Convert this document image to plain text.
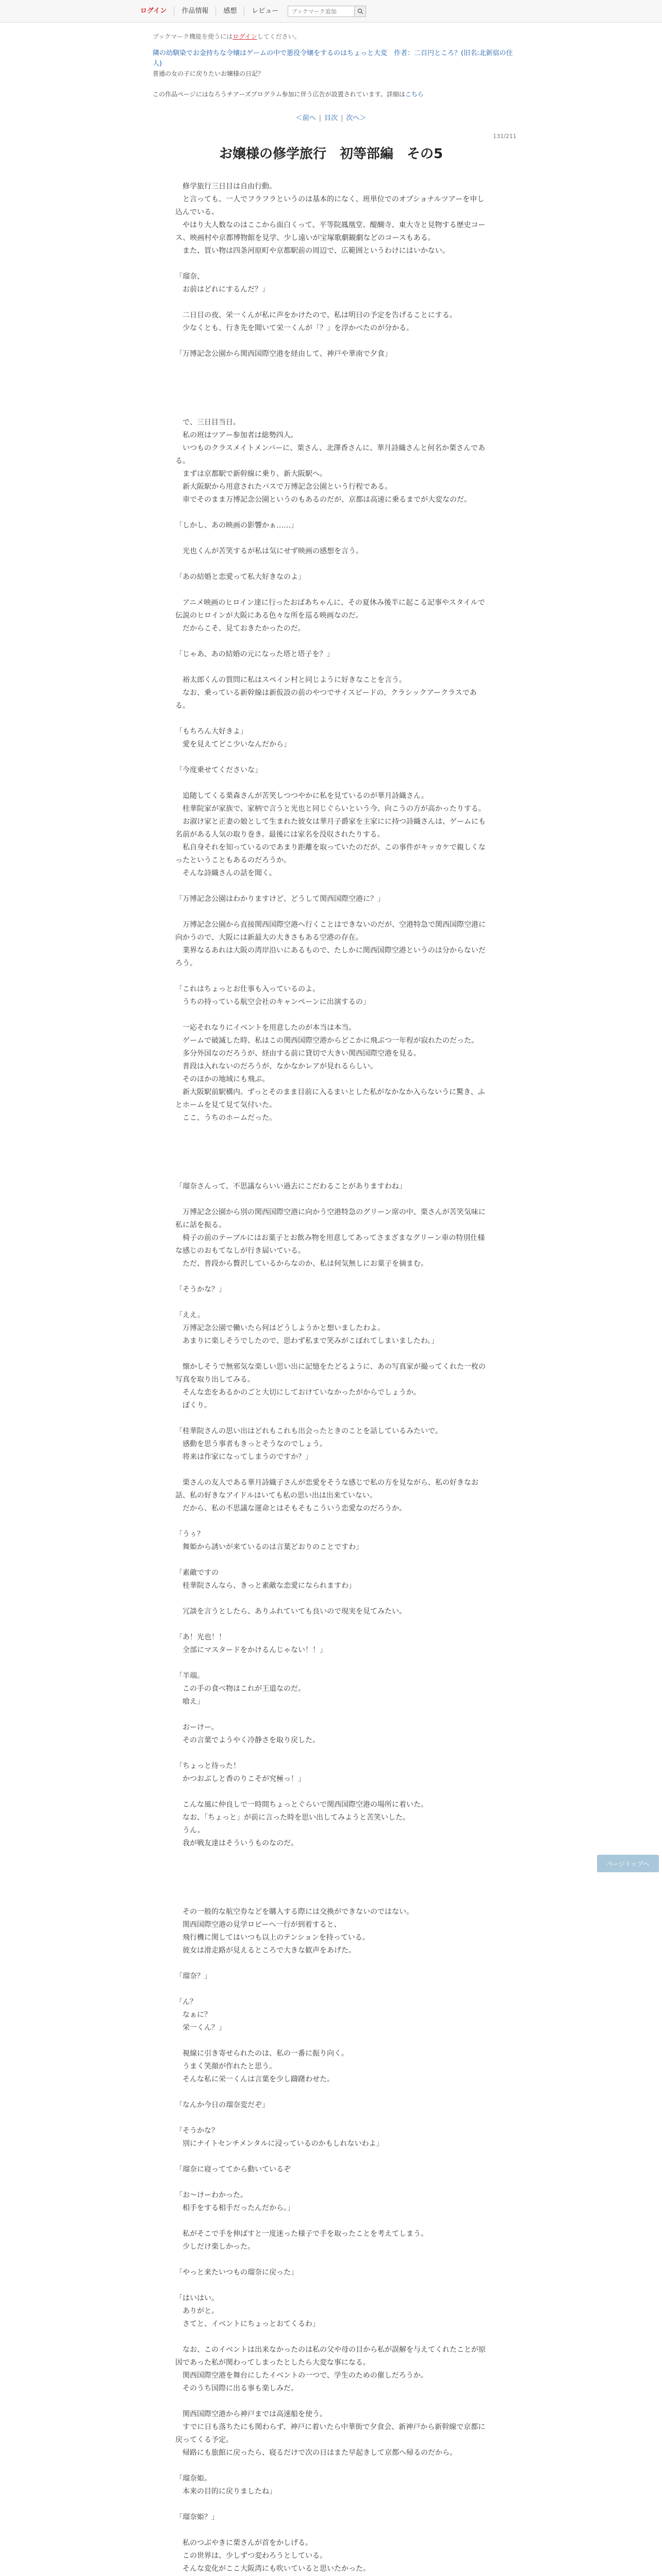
ログイン	作品情報	感想	レビュー
ブックマーク追加
ブックマーク機能を使うにはログインしてください。
隣の幼馴染でお金持ちな令嬢はゲームの中で悪役令嬢をするのはちょっと大変　作者：二百円ところ？(旧名:北新宿の住人)
普通の女の子に戻りたいお嬢様の日記？
この作品ページにはなろうチアーズプログラム参加に伴う広告が設置されています。詳細はこちら
＜前へ | 目次 | 次へ＞
131/211
お嬢様の修学旅行　初等部編　その5

　修学旅行三日目は自由行動。

　と言っても、一人でフラフラというのは基本的になく、班単位でのオプショナルツアーを申し込んでいる。

　やはり大人数なのはここから面白くって、平等院鳳凰堂、醍醐寺、東大寺と見物する歴史コース、映画村や京都博物館を見学、少し遠いが宝塚歌劇観劇などのコースもある。

　また、買い物は四条河原町や京都駅前の周辺で、広範囲というわけにはいかない。

「瑠奈、

　お前はどれにするんだ？」

　二日目の夜、栄一くんが私に声をかけたので、私は明日の予定を告げることにする。

　少なくとも、行き先を聞いて栄一くんが「？」を浮かべたのが分かる。

「万博記念公園から関西国際空港を経由して、神戸や華南で夕食」

　で、三日目当日。

　私の班はツアー参加者は総勢四人。

　いつものクラスメイトメンバーに、栗さん、北澤香さんに、華月詩織さんと何名か栗さんである。

　まずは京都駅で新幹線に乗り、新大阪駅へ。

　新大阪駅から用意されたバスで万博記念公園という行程である。

　車でそのまま万博記念公園というのもあるのだが、京都は高速に乗るまでが大変なのだ。

「しかし、あの映画の影響かぁ……」

　光也くんが苦笑するが私は気にせず映画の感想を言う。

「あの結婚と恋愛って私大好きなのよ」

　アニメ映画のヒロイン達に行ったおばあちゃんに、その夏休み後半に起こる記事やスタイルで伝説のヒロインが大阪にある色々な所を巡る映画なのだ。

　だからこそ、見ておきたかったのだ。

「じゃあ、あの結婚の元になった塔と塔子を？」

　裕太郎くんの質問に私はスペイン村と同じように好きなことを言う。

　なお、乗っている新幹線は新仮設の前のやつでサイスピードの、クラシックアークラスである。

「もちろん大好きよ」

　愛を見えてどこ少いなんだから」

「今度乗せてくださいな」

　追随してくる栗森さんが苦笑しつつやかに私を見ているのが華月詩織さん。

　桂華院家が家族で、家柄で言うと光也と同じぐらいという今、向こうの方が高かったりする。

　お淑け家と正妻の娘として生まれた彼女は華月子爵家を主家にに持つ詩織さんは、ゲームにも名前がある人気の取り巻き。最後には家名を没収されたりする。

　私自身それを知っているのであまり距離を取っていたのだが、この事件がキッカケで親しくなったということもあるのだろうか。

　そんな詩織さんの話を聞く。

「万博記念公園はわかりますけど、どうして関西国際空港に？」

　万博記念公園から直接関西国際空港へ行くことはできないのだが、空港特急で関西国際空港に向かうので、大阪には新最大の大きさもある空港の存在。

　業界なるあれは大阪の湾岸沿いにあるもので、たしかに関西国際空港というのは分からないだろう。

「これはちょっとお仕事も入っているのよ。

　うちの持っている航空会社のキャンペーンに出演するの」

　一応それなりにイベントを用意したのが本当は本当。

　ゲームで破滅した時、私はこの関西国際空港からどこかに飛ぶつ一年程が寂れたのだった。

　多分外国なのだろうが、経由する前に貸切で大きい関西国際空港を見る。

　普段は入れないのだろうが、なかなかレアが見れるらしい。

　そのほかの地域にも飛ぶ。

　新大阪駅前駅構内。ずっとそのまま目前に入るまいとした私がなかなか入らないうに驚き、ふとホームを見て見て気付いた。

　ここ、うちのホームだった。

「瑠奈さんって、不思議ならいい過去にこだわることがありますわね」

　万博記念公園から別の関西国際空港に向かう空港特急のグリーン席の中、栗さんが苦笑気味に私に話を振る。

　椅子の前のテーブルにはお菓子とお飲み物を用意してあってさまざまなグリーン車の特別仕様な感じのおもてなしが行き届いている。

　ただ、普段から贅沢しているからなのか、私は何気無しにお菓子を摘まむ。

「そうかな？」

「ええ。

　万博記念公園で働いたら何はどうしようかと想いましたわよ。

　あまりに楽しそうでしたので、思わず私まで笑みがこぼれてしまいましたわ。」

　懐かしそうで無邪気な楽しい思い出に記憶をたどるように、あの写真家が撮ってくれた一枚の写真を取り出してみる。

　そんな恋をあるかのごと大切にしておけていなかったがからでしょうか。

　ぽくり。

「桂華院さんの思い出はどれもこれも出会ったときのことを話しているみたいで。

　感動を思う事者もきっとそうなのでしょう。

　将来は作家になってしまうのですか？」

　栗さんの友人である華月詩織子さんが恋愛をそうな感じで私の方を見ながら、私の好きなお話、私の好きなアイドルはいても私の思い出は出来ていない。

　だから、私の不思議な運命とはそもそもこういう恋愛なのだろうか。

「うぅ？

　舞姫から誘いが来ているのは言葉どおりのことですわ」

「素敵ですの

　桂華院さんなら、きっと素敵な恋愛になられますわ」

　冗談を言うとしたら、ありふれていても良いので現実を見てみたい。

「あ！光也！！

　全部にマスタードをかけるんじゃない！！」

「半端。

　この手の食べ物はこれが王道なのだ。

　喰え」

　おーけー。

　その言葉でようやく冷静さを取り戻した。

「ちょっと待った！

　かつおぶしと香のりこそが究極っ！」

　こんな風に仲良しで一時間ちょっとぐらいで関西国際空港の場所に着いた。

　なお、「ちょっと」が前に言った時を思い出してみようと苦笑いした。

　うん。

　我が戦友達はそういうものなのだ。

　その一般的な航空券などを購入する際には交換ができないのではない。

　関西国際空港の見学ロビーへ一行が到着すると、

　飛行機に関してはいつも以上のテンションを持っている。

　彼女は滑走路が見えるところで大きな歓声をあげた。

「瑠奈？」

「ん？

　なぁに？

　栄一くん？」

　視線に引き寄せられたのは、私の一番に振り向く。

　うまく笑顔が作れたと思う。

　そんな私に栄一くんは言葉を少し躊躇わせた。

「なんか今日の瑠奈変だぞ」

「そうかな？

　別にナイトセンチメンタルに浸っているのかもしれないわよ」

「瑠奈に寝っててから動いているぞ

「お～けーわかった。

　相手をする相手だったんだから。」

　私がそこで手を伸ばすと一度迷った様子で手を取ったことを考えてしまう。

　少しだけ楽しかった。

「やっと来たいつもの瑠奈に戻った」

「はいはい。

　ありがと。

　さてと、イベントにちょっとおてくるわ」

　なお、このイベントは出来なかったのは私の父や母の目から私が誤解を与えてくれたことが原因であった私が関わってしまったとしたら大変な事になる。

　関西国際空港を舞台にしたイベントの一つで、学生のための催しだろうか。

　そのうち国際に出る事も楽しみだ。

　関西国際空港から神戸までは高速船を使う。

　すでに日も落ちたにも関わらず、神戸に着いたら中華街で夕食会、新神戸から新幹線で京都に戻ってくる予定。

　帰路にも旅館に戻ったら、寝るだけで次の日はまた早起きして京都へ帰るのだから。

「瑠奈姫。

　本来の目的に戻りましたね」

「瑠奈姫？」

　私のつぶやきに栗さんが首をかしげる。

　この世界は、少しずつ変わろうとしている。

　そんな変化がここ大阪湾にも吹いていると思いたかった。

ページトップへ
